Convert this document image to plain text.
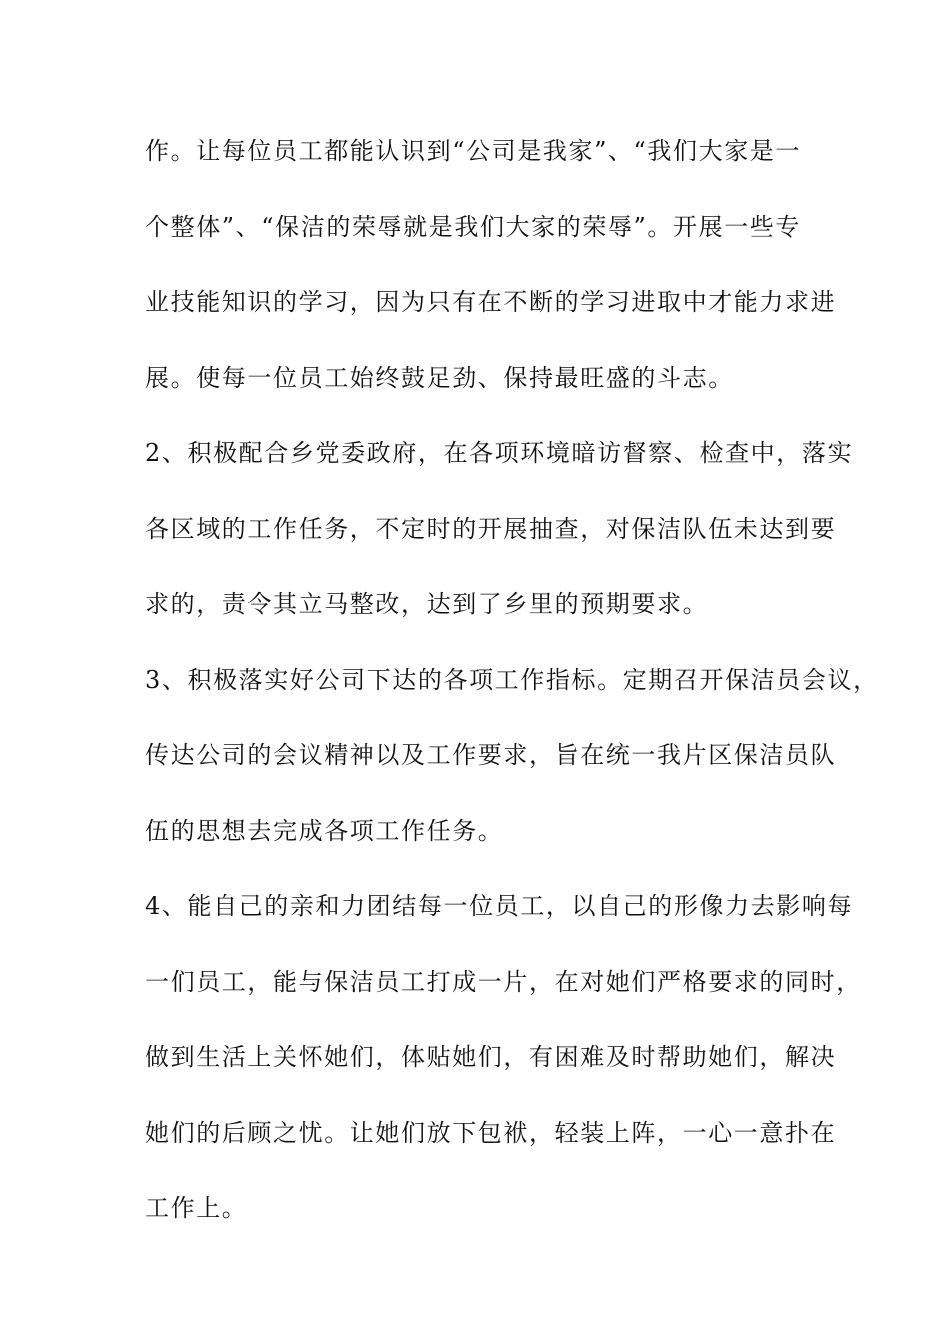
作。让每位员工都能认识到“公司是我家”、“我们大家是一
个整体”、“保洁的荣辱就是我们大家的荣辱”。开展一些专
业技能知识的学习，因为只有在不断的学习进取中才能力求进
展。使每一位员工始终鼓足劲、保持最旺盛的斗志。
2、积极配合乡党委政府，在各项环境暗访督察、检查中，落实
各区域的工作任务，不定时的开展抽查，对保洁队伍未达到要
求的，责令其立马整改，达到了乡里的预期要求。
3、积极落实好公司下达的各项工作指标。定期召开保洁员会议，
传达公司的会议精神以及工作要求，旨在统一我片区保洁员队
伍的思想去完成各项工作任务。
4、能自己的亲和力团结每一位员工，以自己的形像力去影响每
一们员工，能与保洁员工打成一片，在对她们严格要求的同时，
做到生活上关怀她们，体贴她们，有困难及时帮助她们，解决
她们的后顾之忧。让她们放下包袱，轻装上阵，一心一意扑在
工作上。
